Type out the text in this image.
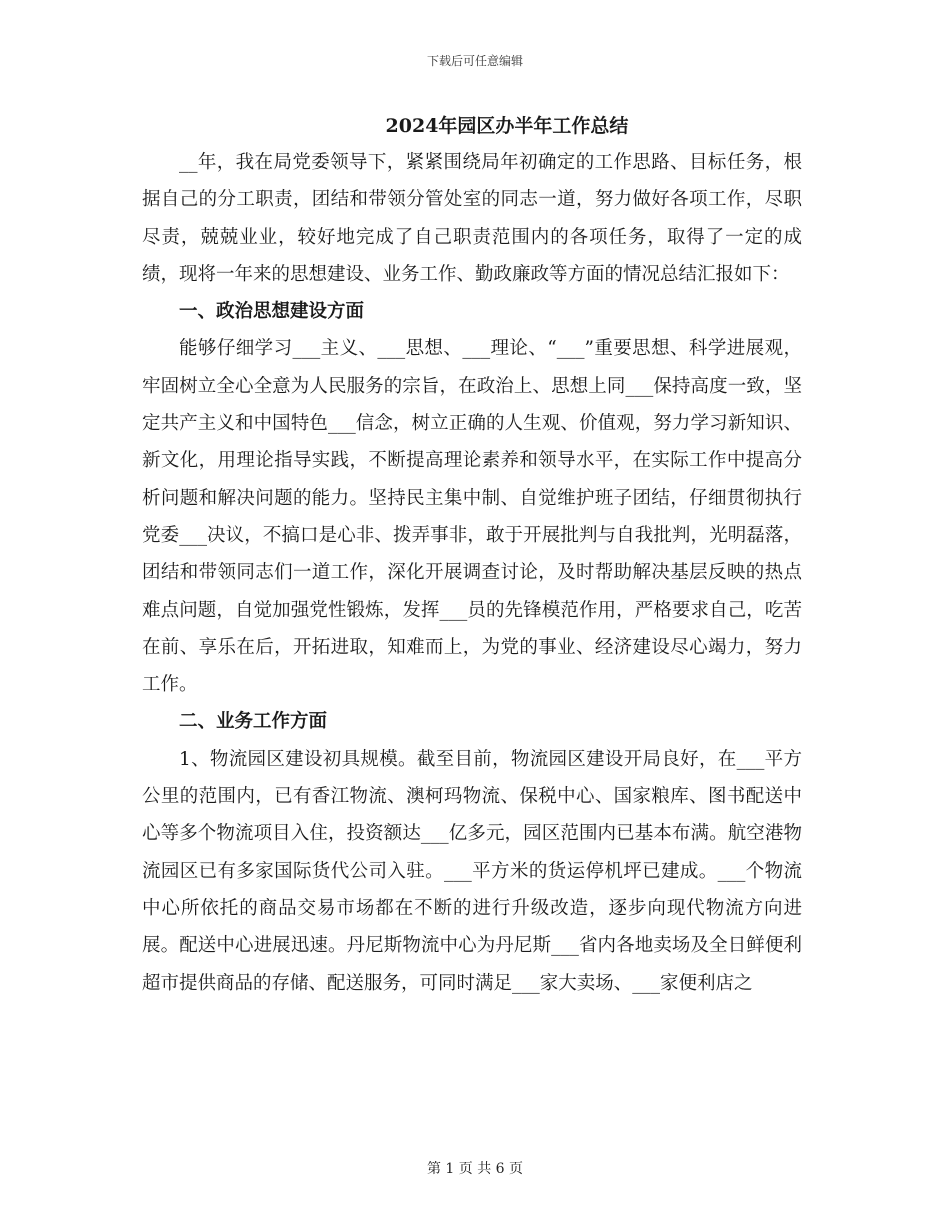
下载后可任意编辑
2024年园区办半年工作总结

__年，我在局党委领导下，紧紧围绕局年初确定的工作思路、目标任务，根据自己的分工职责，团结和带领分管处室的同志一道，努力做好各项工作，尽职尽责，兢兢业业，较好地完成了自己职责范围内的各项任务，取得了一定的成绩，现将一年来的思想建设、业务工作、勤政廉政等方面的情况总结汇报如下：

一、政治思想建设方面

能够仔细学习___主义、___思想、___理论、“___”重要思想、科学进展观，牢固树立全心全意为人民服务的宗旨，在政治上、思想上同___保持高度一致，坚定共产主义和中国特色___信念，树立正确的人生观、价值观，努力学习新知识、新文化，用理论指导实践，不断提高理论素养和领导水平，在实际工作中提高分析问题和解决问题的能力。坚持民主集中制、自觉维护班子团结，仔细贯彻执行党委___决议，不搞口是心非、拨弄事非，敢于开展批判与自我批判，光明磊落，团结和带领同志们一道工作，深化开展调查讨论，及时帮助解决基层反映的热点难点问题，自觉加强党性锻炼，发挥___员的先锋模范作用，严格要求自己，吃苦在前、享乐在后，开拓进取，知难而上，为党的事业、经济建设尽心竭力，努力工作。

二、业务工作方面

1、物流园区建设初具规模。截至目前，物流园区建设开局良好，在___平方公里的范围内，已有香江物流、澳柯玛物流、保税中心、国家粮库、图书配送中心等多个物流项目入住，投资额达___亿多元，园区范围内已基本布满。航空港物流园区已有多家国际货代公司入驻。___平方米的货运停机坪已建成。___个物流中心所依托的商品交易市场都在不断的进行升级改造，逐步向现代物流方向进展。配送中心进展迅速。丹尼斯物流中心为丹尼斯___省内各地卖场及全日鲜便利超市提供商品的存储、配送服务，可同时满足___家大卖场、___家便利店之

第 1 页 共 6 页
